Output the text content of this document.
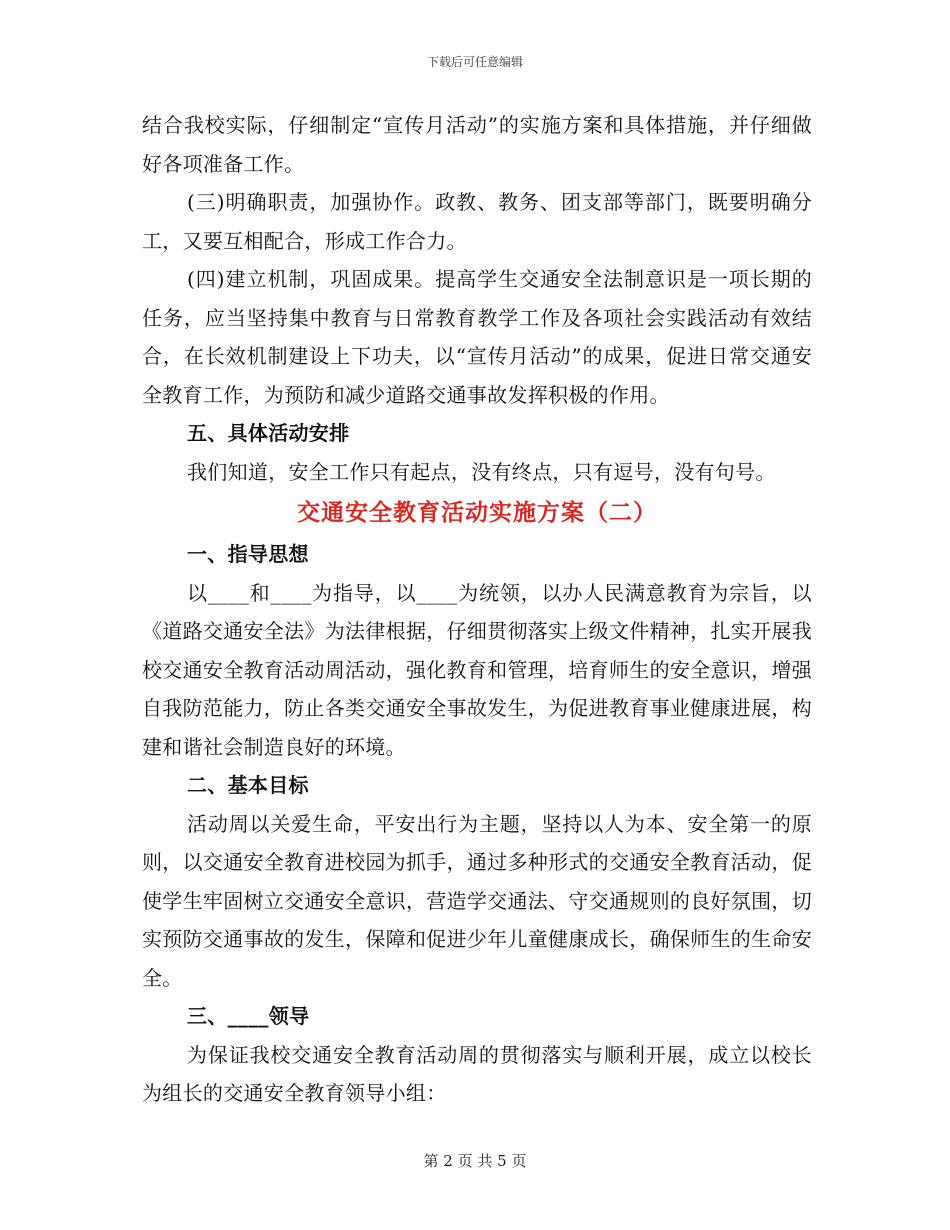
下载后可任意编辑

结合我校实际，仔细制定“宣传月活动”的实施方案和具体措施，并仔细做好各项准备工作。

(三)明确职责，加强协作。政教、教务、团支部等部门，既要明确分工，又要互相配合，形成工作合力。

(四)建立机制，巩固成果。提高学生交通安全法制意识是一项长期的任务，应当坚持集中教育与日常教育教学工作及各项社会实践活动有效结合，在长效机制建设上下功夫，以“宣传月活动”的成果，促进日常交通安全教育工作，为预防和减少道路交通事故发挥积极的作用。

五、具体活动安排

我们知道，安全工作只有起点，没有终点，只有逗号，没有句号。

交通安全教育活动实施方案（二）

一、指导思想

以____和____为指导，以____为统领，以办人民满意教育为宗旨，以《道路交通安全法》为法律根据，仔细贯彻落实上级文件精神，扎实开展我校交通安全教育活动周活动，强化教育和管理，培育师生的安全意识，增强自我防范能力，防止各类交通安全事故发生，为促进教育事业健康进展，构建和谐社会制造良好的环境。

二、基本目标

活动周以关爱生命，平安出行为主题，坚持以人为本、安全第一的原则，以交通安全教育进校园为抓手，通过多种形式的交通安全教育活动，促使学生牢固树立交通安全意识，营造学交通法、守交通规则的良好氛围，切实预防交通事故的发生，保障和促进少年儿童健康成长，确保师生的生命安全。

三、____领导

为保证我校交通安全教育活动周的贯彻落实与顺利开展，成立以校长为组长的交通安全教育领导小组：

第 2 页 共 5 页
